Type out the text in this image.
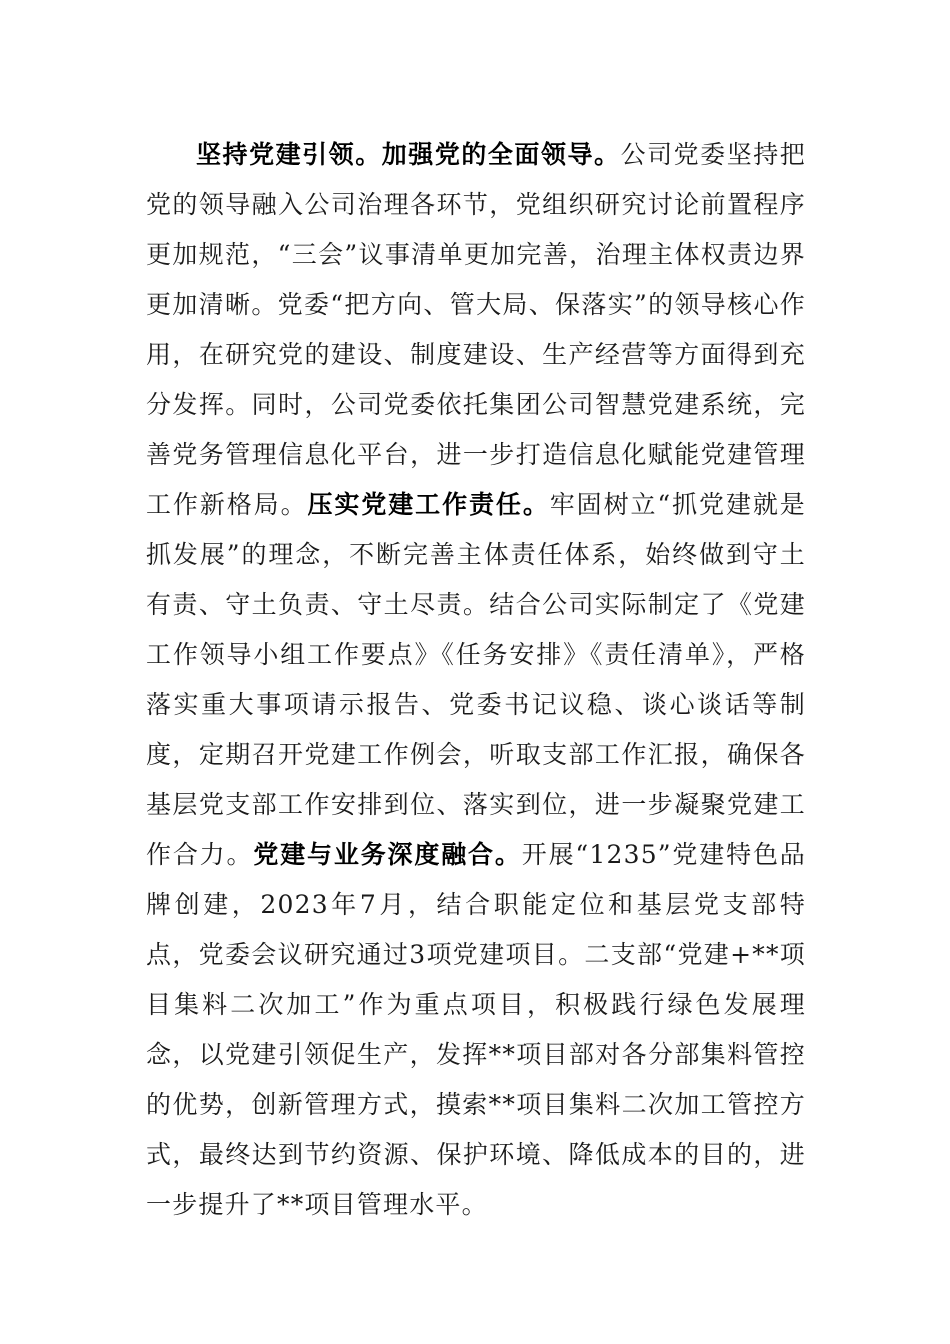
坚持党建引领。加强党的全面领导。公司党委坚持把党的领导融入公司治理各环节，党组织研究讨论前置程序更加规范，“三会”议事清单更加完善，治理主体权责边界更加清晰。党委“把方向、管大局、保落实”的领导核心作用，在研究党的建设、制度建设、生产经营等方面得到充分发挥。同时，公司党委依托集团公司智慧党建系统，完善党务管理信息化平台，进一步打造信息化赋能党建管理工作新格局。压实党建工作责任。牢固树立“抓党建就是抓发展”的理念，不断完善主体责任体系，始终做到守土有责、守土负责、守土尽责。结合公司实际制定了《党建工作领导小组工作要点》《任务安排》《责任清单》，严格落实重大事项请示报告、党委书记议稳、谈心谈话等制度，定期召开党建工作例会，听取支部工作汇报，确保各基层党支部工作安排到位、落实到位，进一步凝聚党建工作合力。党建与业务深度融合。开展“1235”党建特色品牌创建，2023年7月，结合职能定位和基层党支部特点，党委会议研究通过3项党建项目。二支部“党建+**项目集料二次加工”作为重点项目，积极践行绿色发展理念，以党建引领促生产，发挥**项目部对各分部集料管控的优势，创新管理方式，摸索**项目集料二次加工管控方式，最终达到节约资源、保护环境、降低成本的目的，进一步提升了**项目管理水平。
